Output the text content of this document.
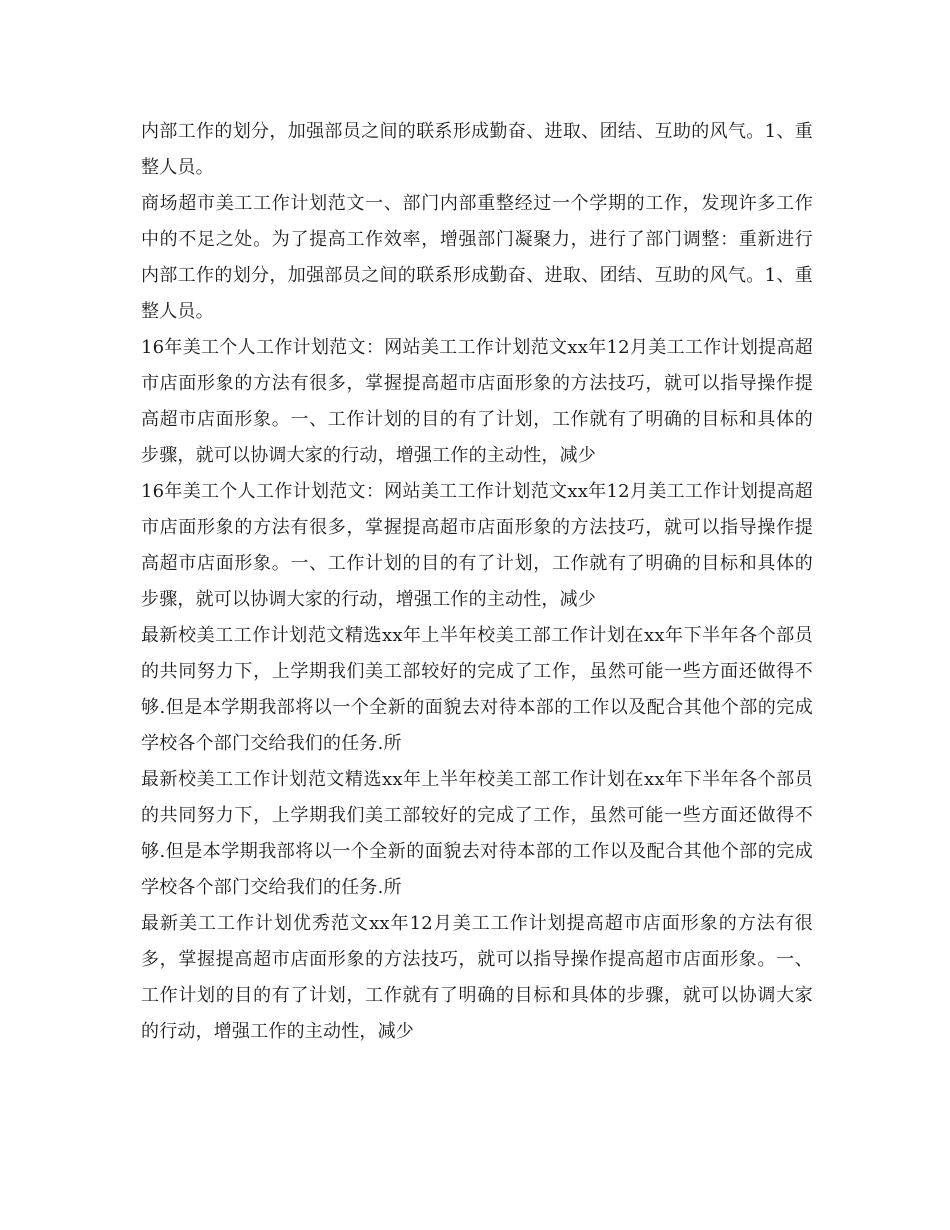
内部工作的划分，加强部员之间的联系形成勤奋、进取、团结、互助的风气。1、重整人员。

商场超市美工工作计划范文一、部门内部重整经过一个学期的工作，发现许多工作中的不足之处。为了提高工作效率，增强部门凝聚力，进行了部门调整：重新进行内部工作的划分，加强部员之间的联系形成勤奋、进取、团结、互助的风气。1、重整人员。

16年美工个人工作计划范文：网站美工工作计划范文xx年12月美工工作计划提高超市店面形象的方法有很多，掌握提高超市店面形象的方法技巧，就可以指导操作提高超市店面形象。一、工作计划的目的有了计划，工作就有了明确的目标和具体的步骤，就可以协调大家的行动，增强工作的主动性，减少

16年美工个人工作计划范文：网站美工工作计划范文xx年12月美工工作计划提高超市店面形象的方法有很多，掌握提高超市店面形象的方法技巧，就可以指导操作提高超市店面形象。一、工作计划的目的有了计划，工作就有了明确的目标和具体的步骤，就可以协调大家的行动，增强工作的主动性，减少

最新校美工工作计划范文精选xx年上半年校美工部工作计划在xx年下半年各个部员的共同努力下，上学期我们美工部较好的完成了工作，虽然可能一些方面还做得不够.但是本学期我部将以一个全新的面貌去对待本部的工作以及配合其他个部的完成学校各个部门交给我们的任务.所

最新校美工工作计划范文精选xx年上半年校美工部工作计划在xx年下半年各个部员的共同努力下，上学期我们美工部较好的完成了工作，虽然可能一些方面还做得不够.但是本学期我部将以一个全新的面貌去对待本部的工作以及配合其他个部的完成学校各个部门交给我们的任务.所

最新美工工作计划优秀范文xx年12月美工工作计划提高超市店面形象的方法有很多，掌握提高超市店面形象的方法技巧，就可以指导操作提高超市店面形象。一、工作计划的目的有了计划，工作就有了明确的目标和具体的步骤，就可以协调大家的行动，增强工作的主动性，减少
